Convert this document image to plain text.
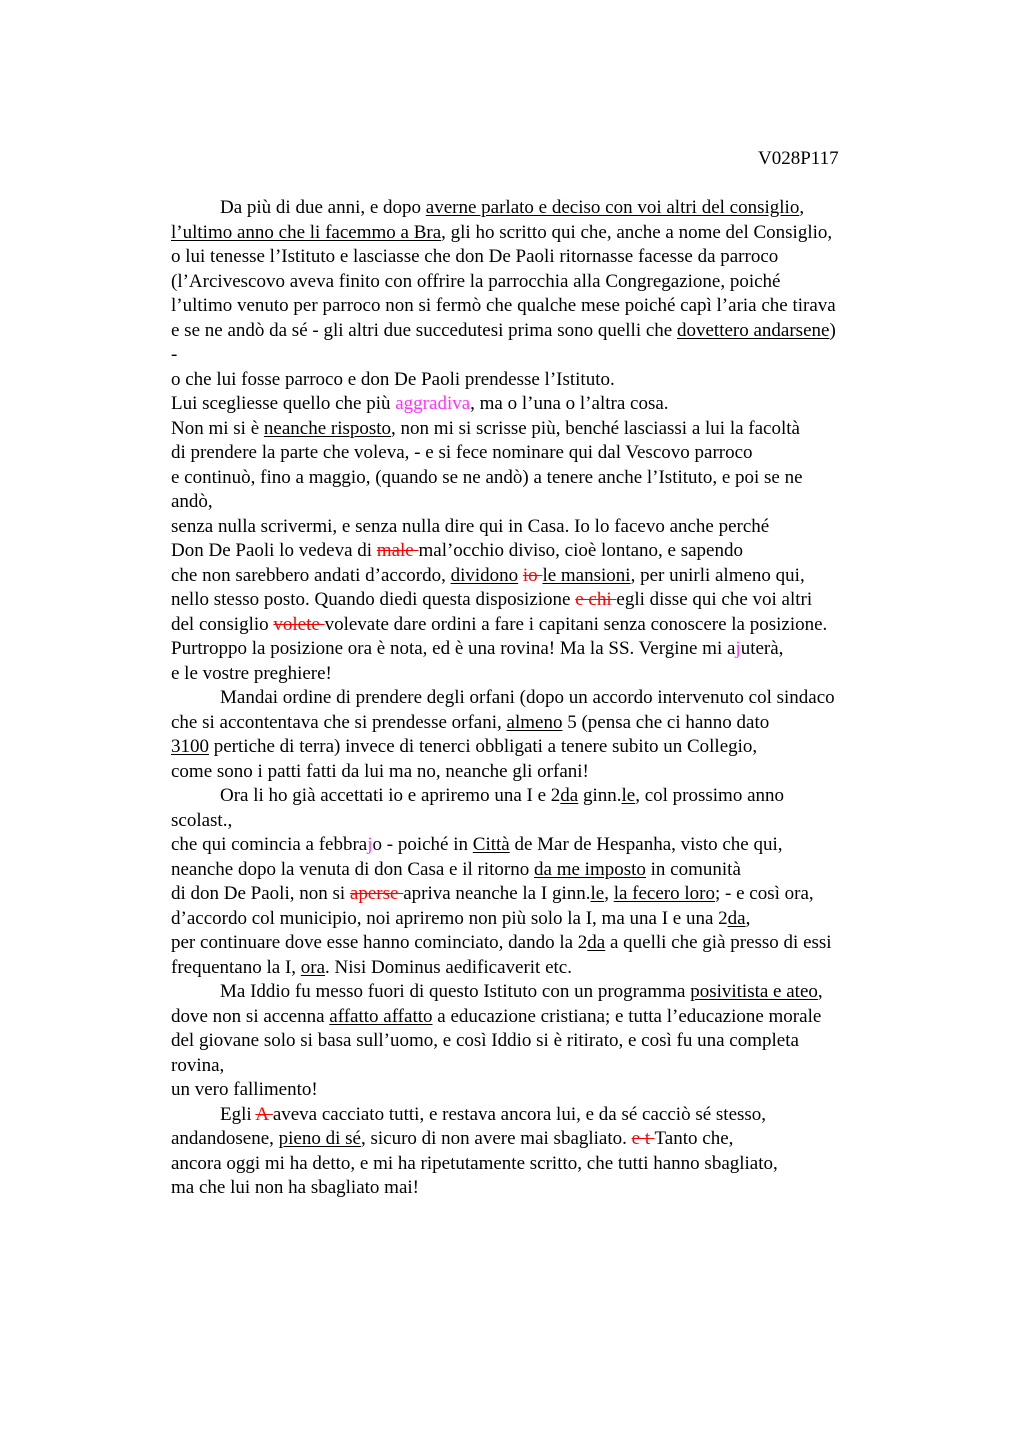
V028P117
Da più di due anni, e dopo averne parlato e deciso con voi altri del consiglio,
l’ultimo anno che li facemmo a Bra, gli ho scritto qui che, anche a nome del Consiglio,
o lui tenesse l’Istituto e lasciasse che don De Paoli ritornasse facesse da parroco
(l’Arcivescovo aveva finito con offrire la parrocchia alla Congregazione, poiché
l’ultimo venuto per parroco non si fermò che qualche mese poiché capì l’aria che tirava
e se ne andò da sé - gli altri due succedutesi prima sono quelli che dovettero andarsene)
-
o che lui fosse parroco e don De Paoli prendesse l’Istituto.
Lui scegliesse quello che più aggradiva, ma o l’una o l’altra cosa.
Non mi si è neanche risposto, non mi si scrisse più, benché lasciassi a lui la facoltà
di prendere la parte che voleva, - e si fece nominare qui dal Vescovo parroco
e continuò, fino a maggio, (quando se ne andò) a tenere anche l’Istituto, e poi se ne
andò,
senza nulla scrivermi, e senza nulla dire qui in Casa. Io lo facevo anche perché
Don De Paoli lo vedeva di male mal’occhio diviso, cioè lontano, e sapendo
che non sarebbero andati d’accordo, dividono io le mansioni, per unirli almeno qui,
nello stesso posto. Quando diedi questa disposizione e chi egli disse qui che voi altri
del consiglio volete volevate dare ordini a fare i capitani senza conoscere la posizione.
Purtroppo la posizione ora è nota, ed è una rovina! Ma la SS. Vergine mi ajuterà,
e le vostre preghiere!
Mandai ordine di prendere degli orfani (dopo un accordo intervenuto col sindaco
che si accontentava che si prendesse orfani, almeno 5 (pensa che ci hanno dato
3100 pertiche di terra) invece di tenerci obbligati a tenere subito un Collegio,
come sono i patti fatti da lui ma no, neanche gli orfani!
Ora li ho già accettati io e apriremo una I e 2da ginn.le, col prossimo anno
scolast.,
che qui comincia a febbrajo - poiché in Città de Mar de Hespanha, visto che qui,
neanche dopo la venuta di don Casa e il ritorno da me imposto in comunità
di don De Paoli, non si aperse apriva neanche la I ginn.le, la fecero loro; - e così ora,
d’accordo col municipio, noi apriremo non più solo la I, ma una I e una 2da,
per continuare dove esse hanno cominciato, dando la 2da a quelli che già presso di essi
frequentano la I, ora. Nisi Dominus aedificaverit etc.
Ma Iddio fu messo fuori di questo Istituto con un programma posivitista e ateo,
dove non si accenna affatto affatto a educazione cristiana; e tutta l’educazione morale
del giovane solo si basa sull’uomo, e così Iddio si è ritirato, e così fu una completa
rovina,
un vero fallimento!
Egli A aveva cacciato tutti, e restava ancora lui, e da sé cacciò sé stesso,
andandosene, pieno di sé, sicuro di non avere mai sbagliato. e t Tanto che,
ancora oggi mi ha detto, e mi ha ripetutamente scritto, che tutti hanno sbagliato,
ma che lui non ha sbagliato mai!
